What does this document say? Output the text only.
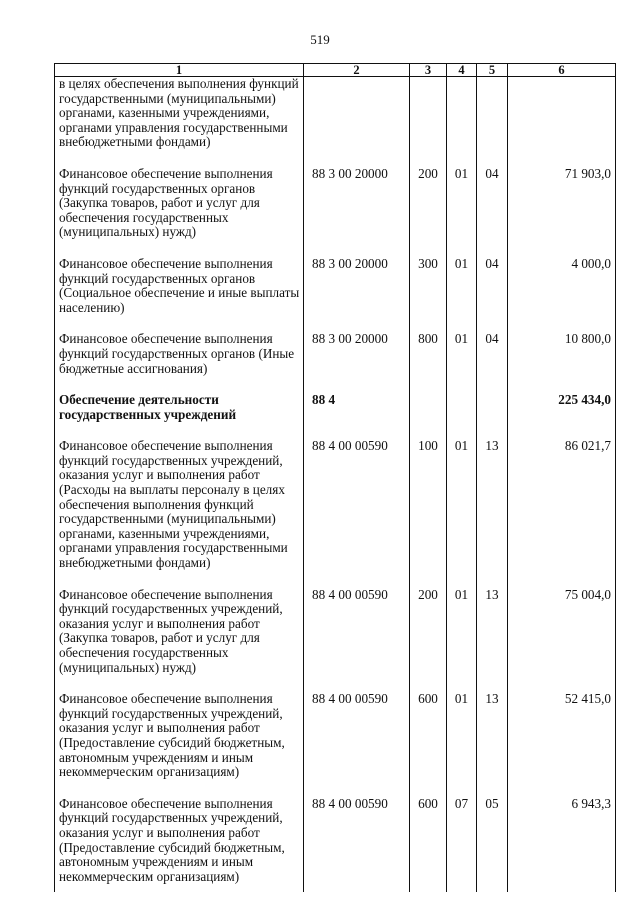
519
1	2	3	4	5	6
в целях обеспечения выполнения функций государственными (муниципальными) органами, казенными учреждениями, органами управления государственными внебюджетными фондами)					
Финансовое обеспечение выполнения функций государственных органов (Закупка товаров, работ и услуг для обеспечения государственных (муниципальных) нужд)	88 3 00 20000	200	01	04	71 903,0
Финансовое обеспечение выполнения функций государственных органов (Социальное обеспечение и иные выплаты населению)	88 3 00 20000	300	01	04	4 000,0
Финансовое обеспечение выполнения функций государственных органов (Иные бюджетные ассигнования)	88 3 00 20000	800	01	04	10 800,0
Обеспечение деятельности государственных учреждений	88 4				225 434,0
Финансовое обеспечение выполнения функций государственных учреждений, оказания услуг и выполнения работ (Расходы на выплаты персоналу в целях обеспечения выполнения функций государственными (муниципальными) органами, казенными учреждениями, органами управления государственными внебюджетными фондами)	88 4 00 00590	100	01	13	86 021,7
Финансовое обеспечение выполнения функций государственных учреждений, оказания услуг и выполнения работ (Закупка товаров, работ и услуг для обеспечения государственных (муниципальных) нужд)	88 4 00 00590	200	01	13	75 004,0
Финансовое обеспечение выполнения функций государственных учреждений, оказания услуг и выполнения работ (Предоставление субсидий бюджетным, автономным учреждениям и иным некоммерческим организациям)	88 4 00 00590	600	01	13	52 415,0
Финансовое обеспечение выполнения функций государственных учреждений, оказания услуг и выполнения работ (Предоставление субсидий бюджетным, автономным учреждениям и иным некоммерческим организациям)	88 4 00 00590	600	07	05	6 943,3
